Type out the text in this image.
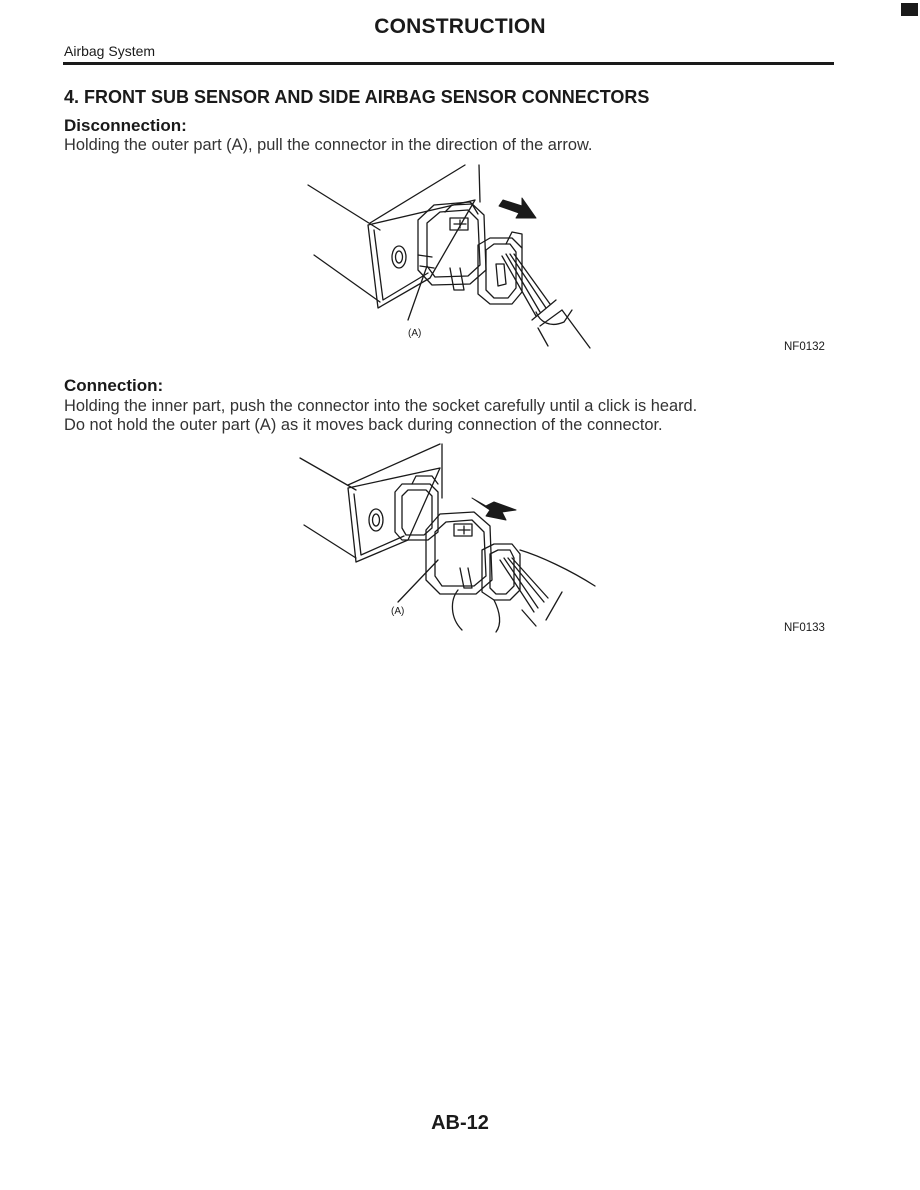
CONSTRUCTION
Airbag System
4. FRONT SUB SENSOR AND SIDE AIRBAG SENSOR CONNECTORS
Disconnection:
Holding the outer part (A), pull the connector in the direction of the arrow.
(A)
NF0132
Connection:
Holding the inner part, push the connector into the socket carefully until a click is heard.
Do not hold the outer part (A) as it moves back during connection of the connector.
(A)
NF0133
AB-12
